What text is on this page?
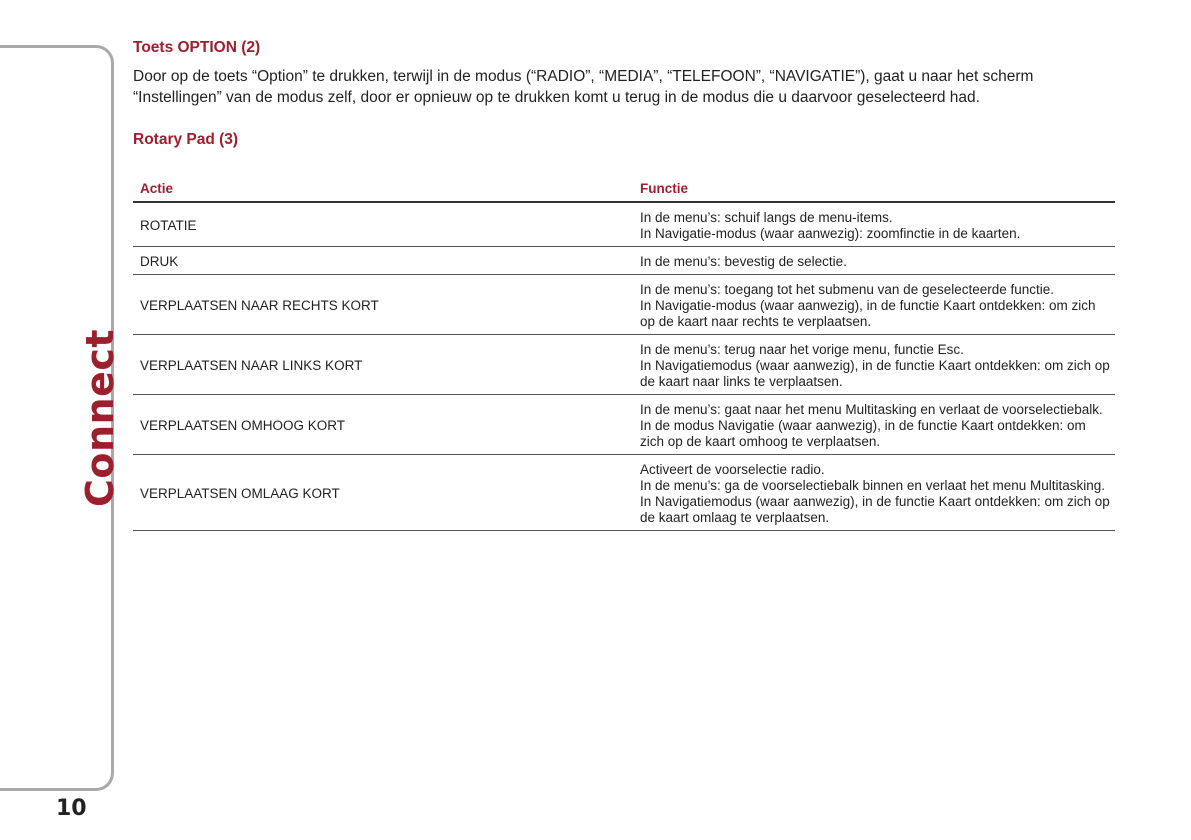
Connect
10
Toets OPTION (2)

Door op de toets “Option” te drukken, terwijl in de modus (“RADIO”, “MEDIA”, “TELEFOON”, “NAVIGATIE”), gaat u naar het scherm “Instellingen” van de modus zelf, door er opnieuw op te drukken komt u terug in de modus die u daarvoor geselecteerd had.

Rotary Pad (3)
Actie	Functie
ROTATIE	In de menu’s: schuif langs de menu-items.
In Navigatie-modus (waar aanwezig): zoomfinctie in de kaarten.
DRUK	In de menu’s: bevestig de selectie.
VERPLAATSEN NAAR RECHTS KORT	In de menu’s: toegang tot het submenu van de geselecteerde functie.
In Navigatie-modus (waar aanwezig), in de functie Kaart ontdekken: om zich op de kaart naar rechts te verplaatsen.
VERPLAATSEN NAAR LINKS KORT	In de menu’s: terug naar het vorige menu, functie Esc.
In Navigatiemodus (waar aanwezig), in de functie Kaart ontdekken: om zich op de kaart naar links te verplaatsen.
VERPLAATSEN OMHOOG KORT	In de menu’s: gaat naar het menu Multitasking en verlaat de voorselectiebalk.
In de modus Navigatie (waar aanwezig), in de functie Kaart ontdekken: om zich op de kaart omhoog te verplaatsen.
VERPLAATSEN OMLAAG KORT	Activeert de voorselectie radio.
In de menu’s: ga de voorselectiebalk binnen en verlaat het menu Multitasking.
In Navigatiemodus (waar aanwezig), in de functie Kaart ontdekken: om zich op de kaart omlaag te verplaatsen.
